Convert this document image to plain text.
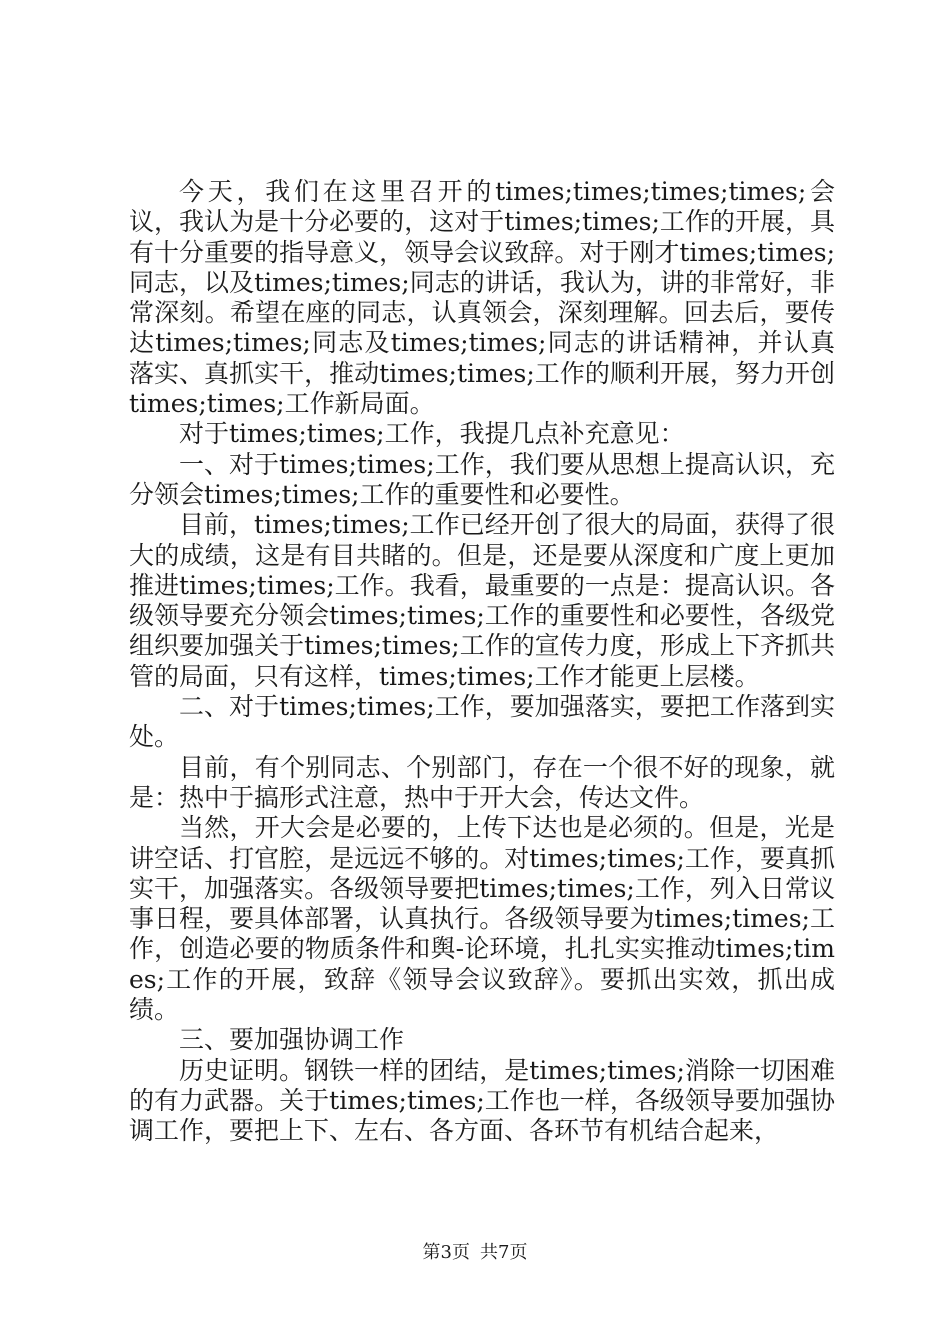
今天，我们在这里召开的times;times;times;times;会议，我认为是十分必要的，这对于times;times;工作的开展，具有十分重要的指导意义，领导会议致辞。对于刚才times;times;同志，以及times;times;同志的讲话，我认为，讲的非常好，非常深刻。希望在座的同志，认真领会，深刻理解。回去后，要传达times;times;同志及times;times;同志的讲话精神，并认真落实、真抓实干，推动times;times;工作的顺利开展，努力开创times;times;工作新局面。

对于times;times;工作，我提几点补充意见：

一、对于times;times;工作，我们要从思想上提高认识，充分领会times;times;工作的重要性和必要性。

目前，times;times;工作已经开创了很大的局面，获得了很大的成绩，这是有目共睹的。但是，还是要从深度和广度上更加推进times;times;工作。我看，最重要的一点是：提高认识。各级领导要充分领会times;times;工作的重要性和必要性，各级党组织要加强关于times;times;工作的宣传力度，形成上下齐抓共管的局面，只有这样，times;times;工作才能更上层楼。

二、对于times;times;工作，要加强落实，要把工作落到实处。

目前，有个别同志、个别部门，存在一个很不好的现象，就是：热中于搞形式注意，热中于开大会，传达文件。

当然，开大会是必要的，上传下达也是必须的。但是，光是讲空话、打官腔，是远远不够的。对times;times;工作，要真抓实干，加强落实。各级领导要把times;times;工作，列入日常议事日程，要具体部署，认真执行。各级领导要为times;times;工作，创造必要的物质条件和舆-论环境，扎扎实实推动times;times;工作的开展，致辞《领导会议致辞》。要抓出实效，抓出成绩。

三、要加强协调工作

历史证明。钢铁一样的团结，是times;times;消除一切困难的有力武器。关于times;times;工作也一样，各级领导要加强协调工作，要把上下、左右、各方面、各环节有机结合起来，

第3页 共7页
